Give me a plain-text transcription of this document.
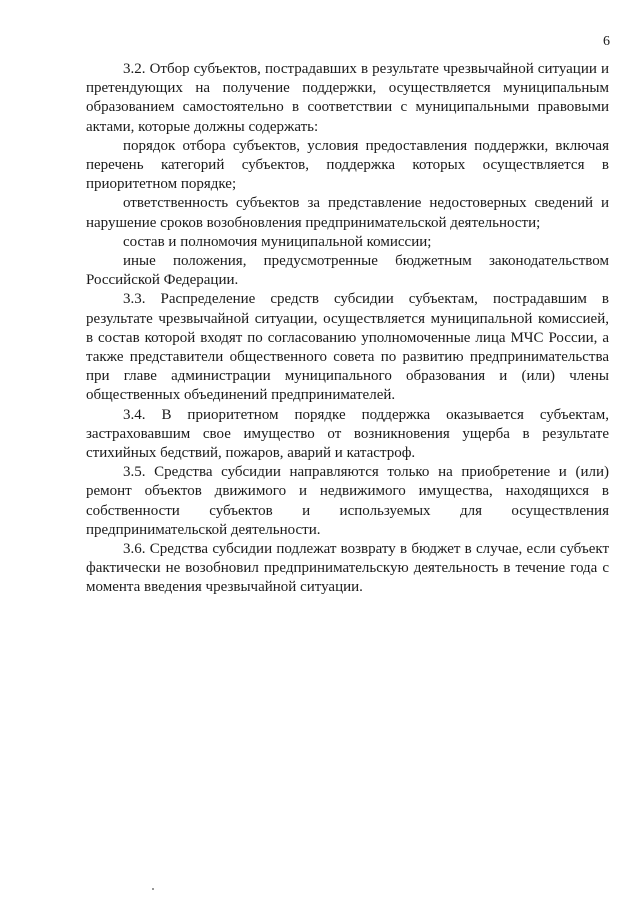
6

3.2. Отбор субъектов, пострадавших в результате чрезвычайной ситуации и претендующих на получение поддержки, осуществляется муниципальным образованием самостоятельно в соответствии с муниципальными правовыми актами, которые должны содержать:

порядок отбора субъектов, условия предоставления поддержки, включая перечень категорий субъектов, поддержка которых осуществляется в приоритетном порядке;

ответственность субъектов за представление недостоверных сведений и нарушение сроков возобновления предпринимательской деятельности;

состав и полномочия муниципальной комиссии;

иные положения, предусмотренные бюджетным законодательством Российской Федерации.

3.3. Распределение средств субсидии субъектам, пострадавшим в результате чрезвычайной ситуации, осуществляется муниципальной комиссией, в состав которой входят по согласованию уполномоченные лица МЧС России, а также представители общественного совета по развитию предпринимательства при главе администрации муниципального образования и (или) члены общественных объединений предпринимателей.

3.4. В приоритетном порядке поддержка оказывается субъектам, застраховавшим свое имущество от возникновения ущерба в результате стихийных бедствий, пожаров, аварий и катастроф.

3.5. Средства субсидии направляются только на приобретение и (или) ремонт объектов движимого и недвижимого имущества, находящихся в собственности субъектов и используемых для осуществления предпринимательской деятельности.

3.6. Средства субсидии подлежат возврату в бюджет в случае, если субъект фактически не возобновил предпринимательскую деятельность в течение года с момента введения чрезвычайной ситуации.
